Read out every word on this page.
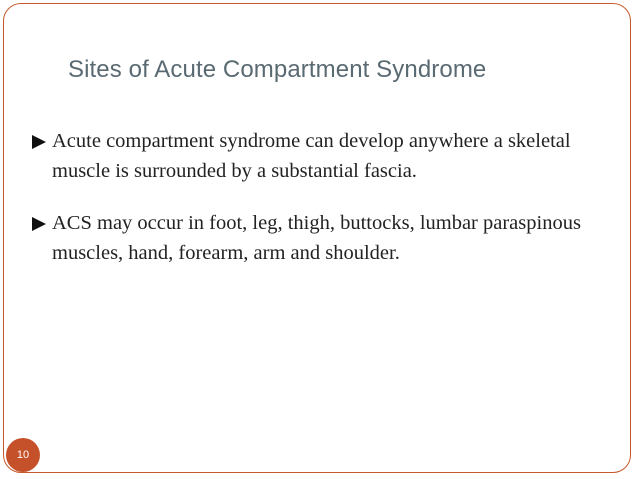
Sites of Acute Compartment Syndrome
Acute compartment syndrome can develop anywhere a skeletal muscle is surrounded by a substantial fascia.
ACS may occur in foot, leg, thigh, buttocks, lumbar paraspinous muscles, hand, forearm, arm and shoulder.
10
